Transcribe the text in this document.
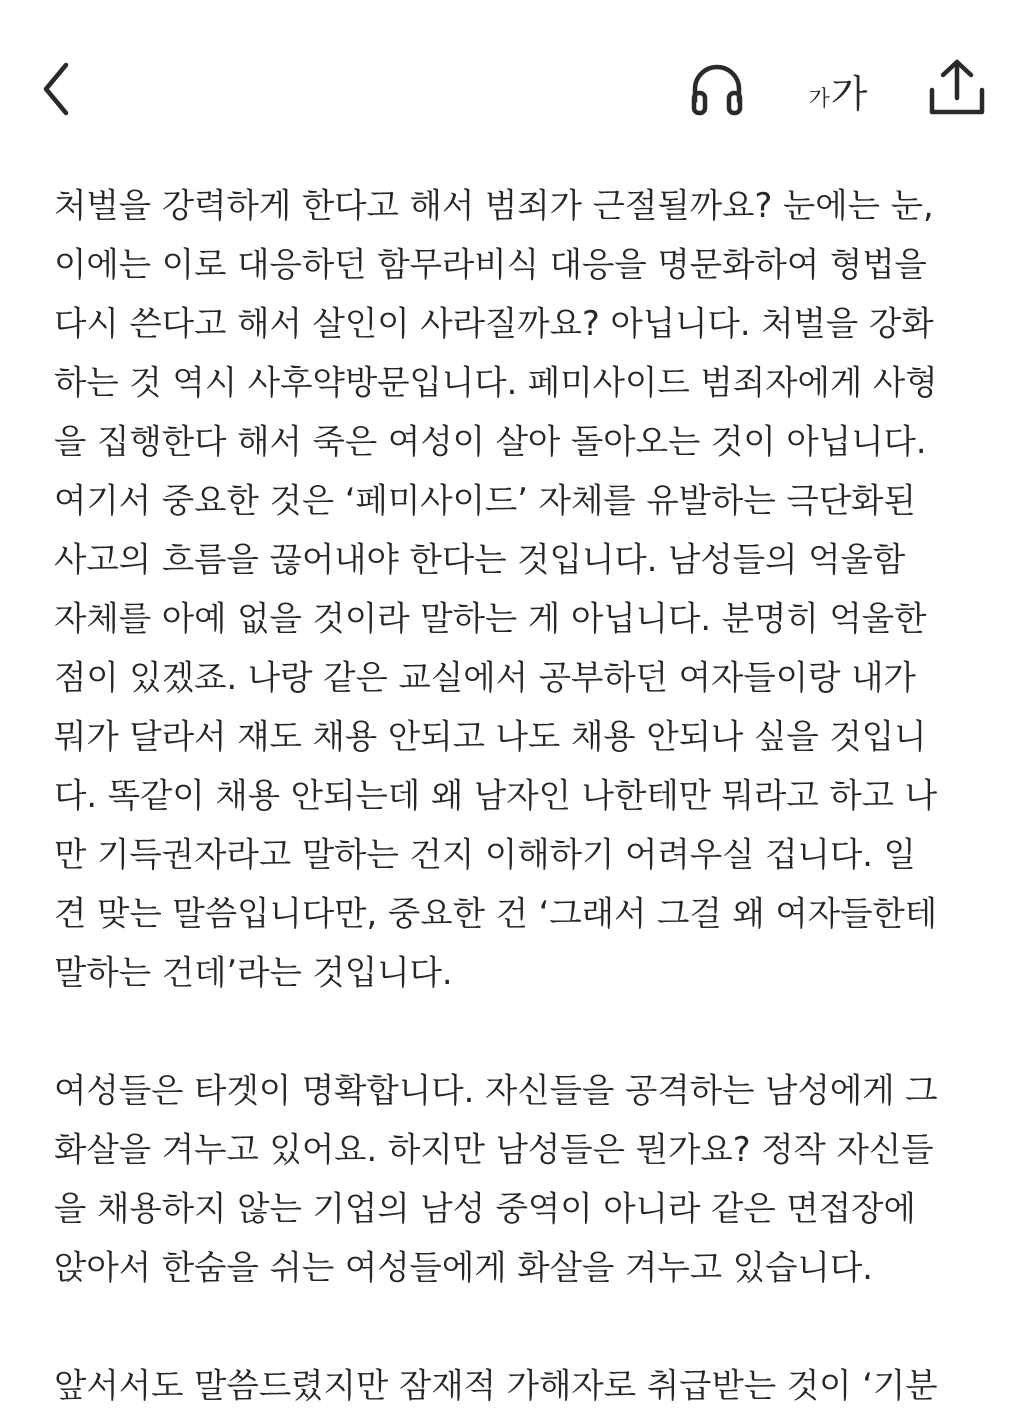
가 가

처벌을 강력하게 한다고 해서 범죄가 근절될까요? 눈에는 눈,
이에는 이로 대응하던 함무라비식 대응을 명문화하여 형법을
다시 쓴다고 해서 살인이 사라질까요? 아닙니다. 처벌을 강화
하는 것 역시 사후약방문입니다. 페미사이드 범죄자에게 사형
을 집행한다 해서 죽은 여성이 살아 돌아오는 것이 아닙니다.
여기서 중요한 것은 ‘페미사이드’ 자체를 유발하는 극단화된
사고의 흐름을 끊어내야 한다는 것입니다. 남성들의 억울함
자체를 아예 없을 것이라 말하는 게 아닙니다. 분명히 억울한
점이 있겠죠. 나랑 같은 교실에서 공부하던 여자들이랑 내가
뭐가 달라서 쟤도 채용 안되고 나도 채용 안되나 싶을 것입니
다. 똑같이 채용 안되는데 왜 남자인 나한테만 뭐라고 하고 나
만 기득권자라고 말하는 건지 이해하기 어려우실 겁니다. 일
견 맞는 말씀입니다만, 중요한 건 ‘그래서 그걸 왜 여자들한테
말하는 건데’라는 것입니다.

여성들은 타겟이 명확합니다. 자신들을 공격하는 남성에게 그
화살을 겨누고 있어요. 하지만 남성들은 뭔가요? 정작 자신들
을 채용하지 않는 기업의 남성 중역이 아니라 같은 면접장에
앉아서 한숨을 쉬는 여성들에게 화살을 겨누고 있습니다.

앞서서도 말씀드렸지만 잠재적 가해자로 취급받는 것이 ‘기분
